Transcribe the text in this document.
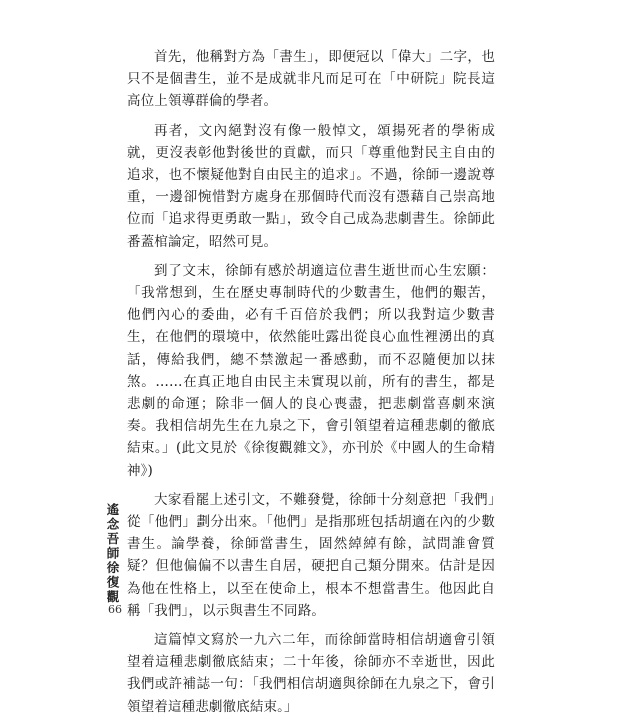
首先，他稱對方為「書生」，即便冠以「偉大」二字，也只不是個書生，並不是成就非凡而足可在「中研院」院長這高位上領導群倫的學者。

再者，文內絕對沒有像一般悼文，頌揚死者的學術成就，更沒表彰他對後世的貢獻，而只「尊重他對民主自由的追求，也不懷疑他對自由民主的追求」。不過，徐師一邊說尊重，一邊卻惋惜對方處身在那個時代而沒有憑藉自己崇高地位而「追求得更勇敢一點」，致令自己成為悲劇書生。徐師此番蓋棺論定，昭然可見。

到了文末，徐師有感於胡適這位書生逝世而心生宏願：「我常想到，生在歷史專制時代的少數書生，他們的艱苦，他們內心的委曲，必有千百倍於我們；所以我對這少數書生，在他們的環境中，依然能吐露出從良心血性裡湧出的真話，傳給我們，總不禁激起一番感動，而不忍隨便加以抹煞。……在真正地自由民主未實現以前，所有的書生，都是悲劇的命運；除非一個人的良心喪盡，把悲劇當喜劇來演奏。我相信胡先生在九泉之下，會引領望着這種悲劇的徹底結束。」(此文見於《徐復觀雜文》，亦刊於《中國人的生命精神》)

大家看罷上述引文，不難發覺，徐師十分刻意把「我們」從「他們」劃分出來。「他們」是指那班包括胡適在內的少數書生。論學養，徐師當書生，固然綽綽有餘，試問誰會質疑？但他偏偏不以書生自居，硬把自己類分開來。估計是因為他在性格上，以至在使命上，根本不想當書生。他因此自稱「我們」，以示與書生不同路。

這篇悼文寫於一九六二年，而徐師當時相信胡適會引領望着這種悲劇徹底結束；二十年後，徐師亦不幸逝世，因此我們或許補誌一句：「我們相信胡適與徐師在九泉之下，會引領望着這種悲劇徹底結束。」

遙念吾師徐復觀
66
